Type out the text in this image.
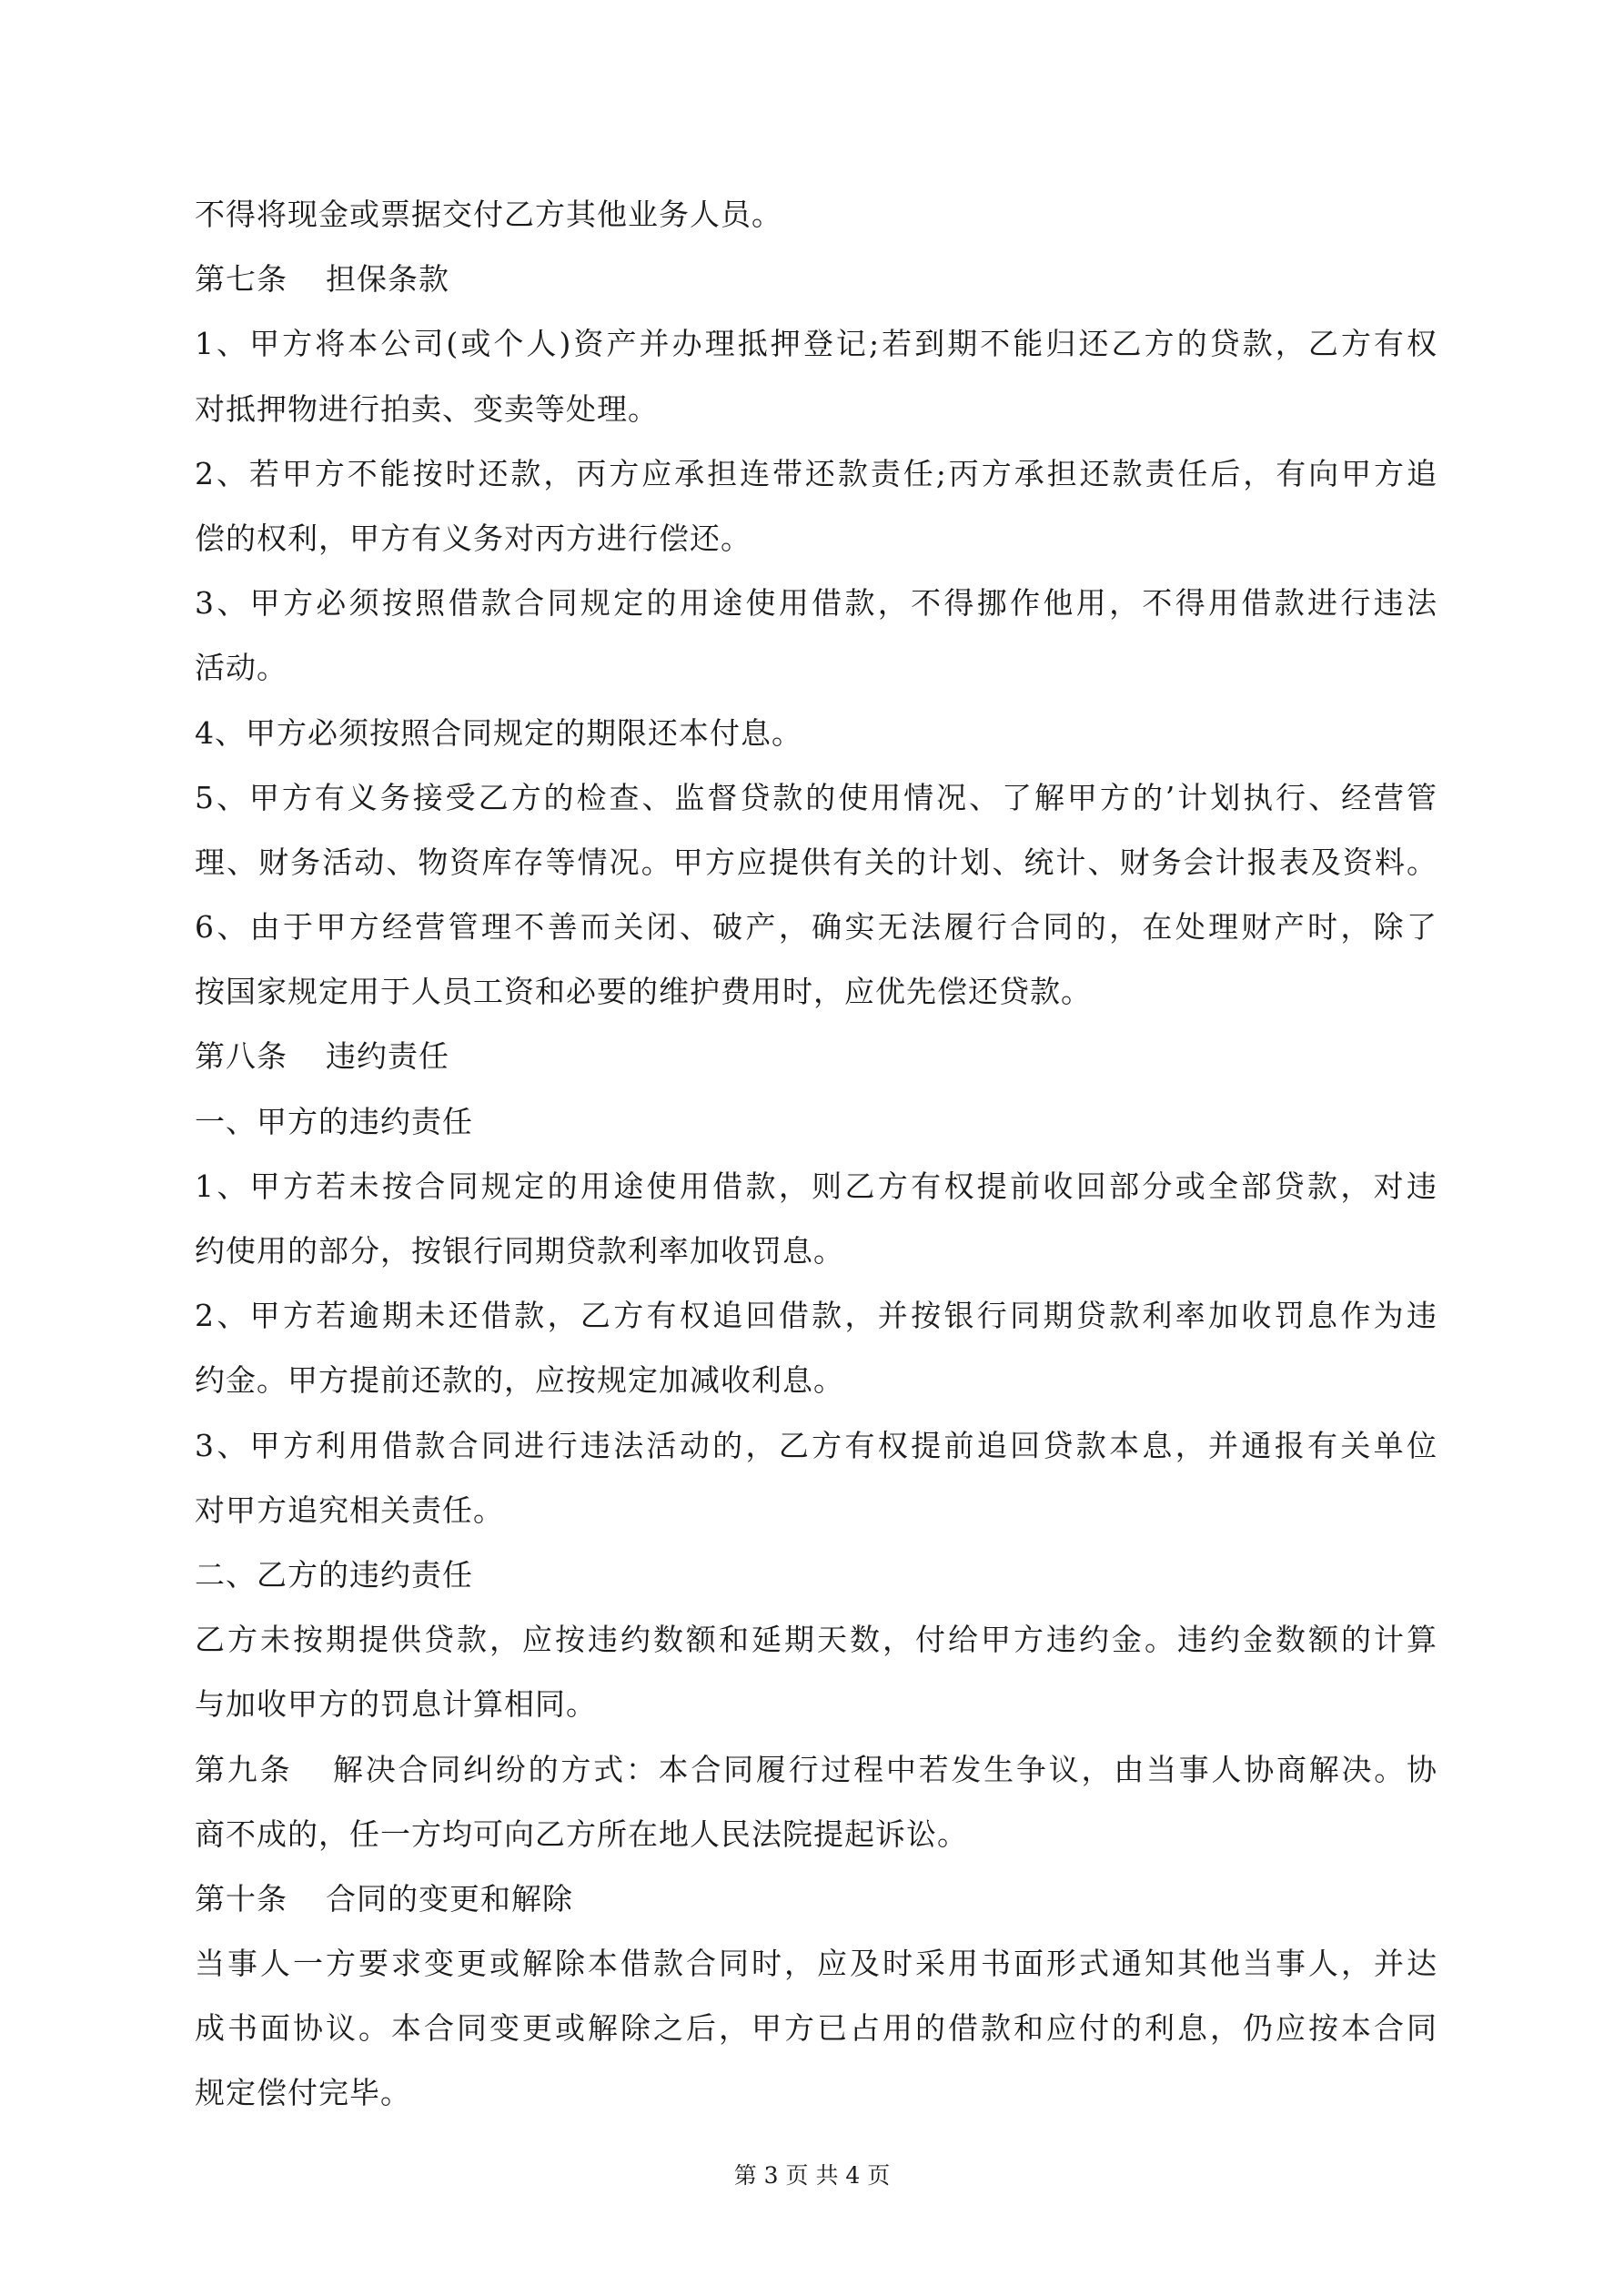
不得将现金或票据交付乙方其他业务人员。
第七条 担保条款
1、甲方将本公司(或个人)资产并办理抵押登记;若到期不能归还乙方的贷款，乙方有权
对抵押物进行拍卖、变卖等处理。
2、若甲方不能按时还款，丙方应承担连带还款责任;丙方承担还款责任后，有向甲方追
偿的权利，甲方有义务对丙方进行偿还。
3、甲方必须按照借款合同规定的用途使用借款，不得挪作他用，不得用借款进行违法
活动。
4、甲方必须按照合同规定的期限还本付息。
5、甲方有义务接受乙方的检查、监督贷款的使用情况、了解甲方的’计划执行、经营管
理、财务活动、物资库存等情况。甲方应提供有关的计划、统计、财务会计报表及资料。
6、由于甲方经营管理不善而关闭、破产，确实无法履行合同的，在处理财产时，除了
按国家规定用于人员工资和必要的维护费用时，应优先偿还贷款。
第八条 违约责任
一、甲方的违约责任
1、甲方若未按合同规定的用途使用借款，则乙方有权提前收回部分或全部贷款，对违
约使用的部分，按银行同期贷款利率加收罚息。
2、甲方若逾期未还借款，乙方有权追回借款，并按银行同期贷款利率加收罚息作为违
约金。甲方提前还款的，应按规定加减收利息。
3、甲方利用借款合同进行违法活动的，乙方有权提前追回贷款本息，并通报有关单位
对甲方追究相关责任。
二、乙方的违约责任
乙方未按期提供贷款，应按违约数额和延期天数，付给甲方违约金。违约金数额的计算
与加收甲方的罚息计算相同。
第九条 解决合同纠纷的方式：本合同履行过程中若发生争议，由当事人协商解决。协
商不成的，任一方均可向乙方所在地人民法院提起诉讼。
第十条 合同的变更和解除
当事人一方要求变更或解除本借款合同时，应及时采用书面形式通知其他当事人，并达
成书面协议。本合同变更或解除之后，甲方已占用的借款和应付的利息，仍应按本合同
规定偿付完毕。
第 3 页 共 4 页
